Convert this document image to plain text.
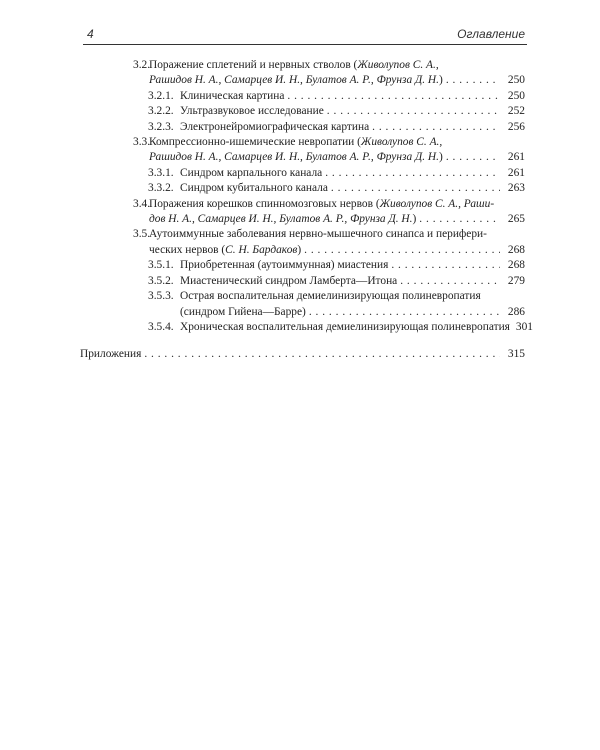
4	Оглавление
3.2.
Поражение сплетений и нервных стволов (Живолупов С. А.,
Рашидов Н. А., Самарцев И. Н., Булатов А. Р., Фрунза Д. Н.) . . .	250
3.2.1. Клиническая картина . . .	250
3.2.2. Ультразвуковое исследование . . .	252
3.2.3. Электронейромиографическая картина . . .	256
3.3.
Компрессионно-ишемические невропатии (Живолупов С. А.,
Рашидов Н. А., Самарцев И. Н., Булатов А. Р., Фрунза Д. Н.) . . .	261
3.3.1. Синдром карпального канала . . .	261
3.3.2. Синдром кубитального канала . . .	263
3.4.
Поражения корешков спинномозговых нервов (Живолупов С. А., Раши-
дов Н. А., Самарцев И. Н., Булатов А. Р., Фрунза Д. Н.) . . .	265
3.5.
Аутоиммунные заболевания нервно-мышечного синапса и перифери-
ческих нервов (С. Н. Бардаков) . . .	268
3.5.1. Приобретенная (аутоиммунная) миастения . . .	268
3.5.2. Миастенический синдром Ламберта—Итона . . .	279
3.5.3. Острая воспалительная демиелинизирующая полиневропатия
(синдром Гийена—Барре) . . .	286
3.5.4. Хроническая воспалительная демиелинизирующая полиневропатия 301
Приложения . . .	315
